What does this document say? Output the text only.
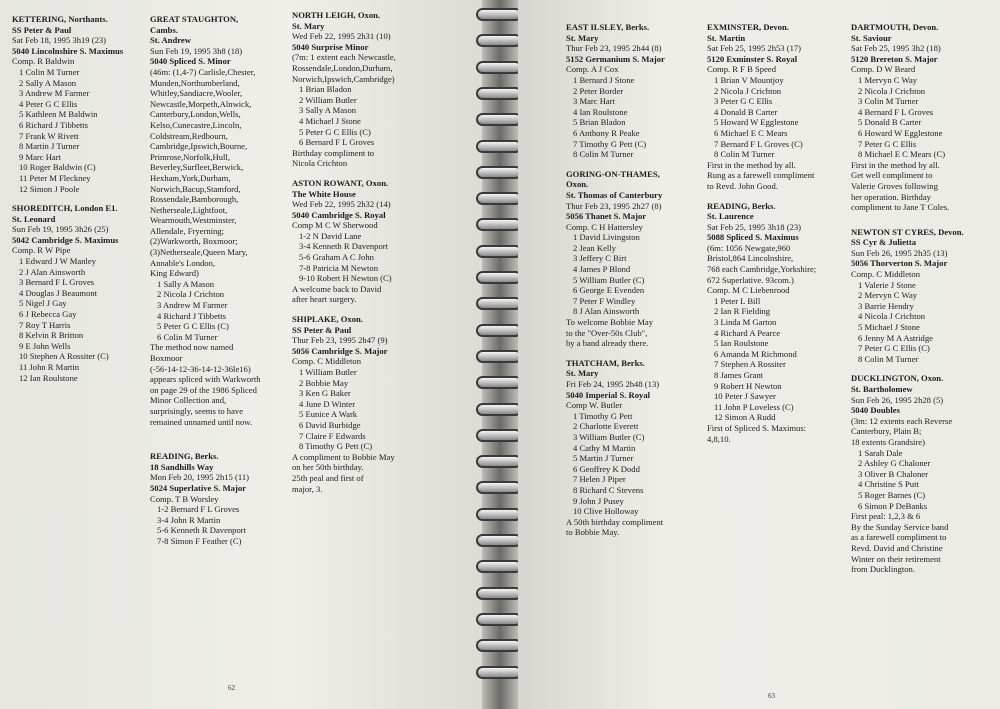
KETTERING, Northants.

SS Peter & Paul

Sat Feb 18, 1995 3h19 (23)

5040 Lincolnshire S. Maximus

Comp. R Baldwin

1 Colin M Turner

2 Sally A Mason

3 Andrew M Farmer

4 Peter G C Ellis

5 Kathleen M Baldwin

6 Richard J Tibbetts

7 Frank W Rivett

8 Martin J Turner

9 Marc Hart

10 Roger Baldwin (C)

11 Peter M Fleckney

12 Simon J Poole

SHOREDITCH, London E1.

St. Leonard

Sun Feb 19, 1995 3h26 (25)

5042 Cambridge S. Maximus

Comp. R W Pipe

1 Edward J W Manley

2 J Alan Ainsworth

3 Bernard F L Groves

4 Douglas J Beaumont

5 Nigel J Gay

6 J Rebecca Gay

7 Roy T Harris

8 Kelvin R Britton

9 E John Wells

10 Stephen A Rossiter (C)

11 John R Martin

12 Ian Roulstone

GREAT STAUGHTON,

Cambs.

St. Andrew

Sun Feb 19, 1995 3h8 (18)

5040 Spliced S. Minor

(46m: (1,4-7) Carlisle,Chester,

Munden,Northumberland,

Whitley,Sandiacre,Wooler,

Newcastle,Morpeth,Alnwick,

Canterbury,London,Wells,

Kelso,Cunecastre,Lincoln,

Coldstream,Redbourn,

Cambridge,Ipswich,Bourne,

Primrose,Norfolk,Hull,

Beverley,Surfleet,Berwick,

Hexham,York,Durham,

Norwich,Bacup,Stamford,

Rossendale,Bamborough,

Netherseale,Lightfoot,

Wearmouth,Westminster,

Allendale, Fryerning;

(2)Warkworth, Boxmoor;

(3)Netherseale,Queen Mary,

Annable's London,

King Edward)

1 Sally A Mason

2 Nicola J Crichton

3 Andrew M Farmer

4 Richard J Tibbetts

5 Peter G C Ellis (C)

6 Colin M Turner

The method now named

Boxmoor

(-56-14-12-36-14-12-36le16)

appears spliced with Warkworth

on page 29 of the 1986 Spliced

Minor Collection and,

surprisingly, seems to have

remained unnamed until now.

READING, Berks.

18 Sandhills Way

Mon Feb 20, 1995 2h15 (11)

5024 Superlative S. Major

Comp. T B Worsley

1-2 Bernard F L Groves

3-4 John R Martin

5-6 Kenneth R Davenport

7-8 Simon F Feather (C)

NORTH LEIGH, Oxon.

St. Mary

Wed Feb 22, 1995 2h31 (10)

5040 Surprise Minor

(7m: 1 extent each Newcastle,

Rossendale,London,Durham,

Norwich,Ipswich,Cambridge)

1 Brian Bladon

2 William Butler

3 Sally A Mason

4 Michael J Stone

5 Peter G C Ellis (C)

6 Bernard F L Groves

Birthday compliment to

Nicola Crichton

ASTON ROWANT, Oxon.

The White House

Wed Feb 22, 1995 2h32 (14)

5040 Cambridge S. Royal

Comp M C W Sherwood

1-2 N David Lane

3-4 Kenneth R Davenport

5-6 Graham A C John

7-8 Patricia M Newton

9-10 Robert H Newton (C)

A welcome back to David

after heart surgery.

SHIPLAKE, Oxon.

SS Peter & Paul

Thur Feb 23, 1995 2h47 (9)

5056 Cambridge S. Major

Comp. C Middleton

1 William Butler

2 Bobbie May

3 Ken G Baker

4 June D Winter

5 Eunice A Wark

6 David Burbidge

7 Claire F Edwards

8 Timothy G Pett (C)

A compliment to Bobbie May

on her 50th birthday.

25th peal and first of

major, 3.

62

EAST ILSLEY, Berks.

St. Mary

Thur Feb 23, 1995 2h44 (8)

5152 Germanium S. Major

Comp. A J Cox

1 Bernard J Stone

2 Peter Border

3 Marc Hart

4 Ian Roulstone

5 Brian Bladon

6 Anthony R Peake

7 Timothy G Pett (C)

8 Colin M Turner

GORING-ON-THAMES,

Oxon.

St. Thomas of Canterbury

Thur Feb 23, 1995 2h27 (8)

5056 Thanet S. Major

Comp. C H Hattersley

1 David Livingston

2 Jean Kelly

3 Jeffery C Birt

4 James P Blond

5 William Butler (C)

6 George E Evenden

7 Peter F Windley

8 J Alan Ainsworth

To welcome Bobbie May

to the "Over-50s Club",

by a band already there.

THATCHAM, Berks.

St. Mary

Fri Feb 24, 1995 2h48 (13)

5040 Imperial S. Royal

Comp W. Butler

1 Timothy G Pett

2 Charlotte Everett

3 William Butler (C)

4 Cathy M Martin

5 Martin J Turner

6 Geoffrey K Dodd

7 Helen J Piper

8 Richard C Stevens

9 John J Pusey

10 Clive Holloway

A 50th birthday compliment

to Bobbie May.

EXMINSTER, Devon.

St. Martin

Sat Feb 25, 1995 2h53 (17)

5120 Exminster S. Royal

Comp. R F B Speed

1 Brian V Mountjoy

2 Nicola J Crichton

3 Peter G C Ellis

4 Donald B Carter

5 Howard W Egglestone

6 Michael E C Mears

7 Bernard F L Groves (C)

8 Colin M Turner

First in the method by all.

Rung as a farewell compliment

to Revd. John Good.

READING, Berks.

St. Laurence

Sat Feb 25, 1995 3h18 (23)

5088 Spliced S. Maximus

(6m: 1056 Newgate,960

Bristol,864 Lincolnshire,

768 each Cambridge,Yorkshire;

672 Superlative. 93com.)

Comp. M C Liebenrood

1 Peter L Bill

2 Ian R Fielding

3 Linda M Garton

4 Richard A Pearce

5 Ian Roulstone

6 Amanda M Richmond

7 Stephen A Rossiter

8 James Grant

9 Robert H Newton

10 Peter J Sawyer

11 John P Loveless (C)

12 Simon A Rudd

First of Spliced S. Maximus:

4,8,10.

DARTMOUTH, Devon.

St. Saviour

Sat Feb 25, 1995 3h2 (18)

5120 Brereton S. Major

Comp. D W Beard

1 Mervyn C Way

2 Nicola J Crichton

3 Colin M Turner

4 Bernard F L Groves

5 Donald B Carter

6 Howard W Egglestone

7 Peter G C Ellis

8 Michael E C Mears (C)

First in the method by all.

Get well compliment to

Valerie Groves following

her operation. Birthday

compliment to Jane T Coles.

NEWTON ST CYRES, Devon.

SS Cyr & Julietta

Sun Feb 26, 1995 2h35 (13)

5056 Thorverton S. Major

Comp. C Middleton

1 Valerie J Stone

2 Mervyn C Way

3 Barrie Hendry

4 Nicola J Crichton

5 Michael J Stone

6 Jenny M A Astridge

7 Peter G C Ellis (C)

8 Colin M Turner

DUCKLINGTON, Oxon.

St. Bartholomew

Sun Feb 26, 1995 2h28 (5)

5040 Doubles

(3m: 12 extents each Reverse

Canterbury, Plain B;

18 extents Grandsire)

1 Sarah Dale

2 Ashley G Chaloner

3 Oliver B Chaloner

4 Christine S Putt

5 Roger Barnes (C)

6 Simon P DeBanks

First peal: 1,2,3 & 6

By the Sunday Service band

as a farewell compliment to

Revd. David and Christine

Winter on their retirement

from Ducklington.

63
